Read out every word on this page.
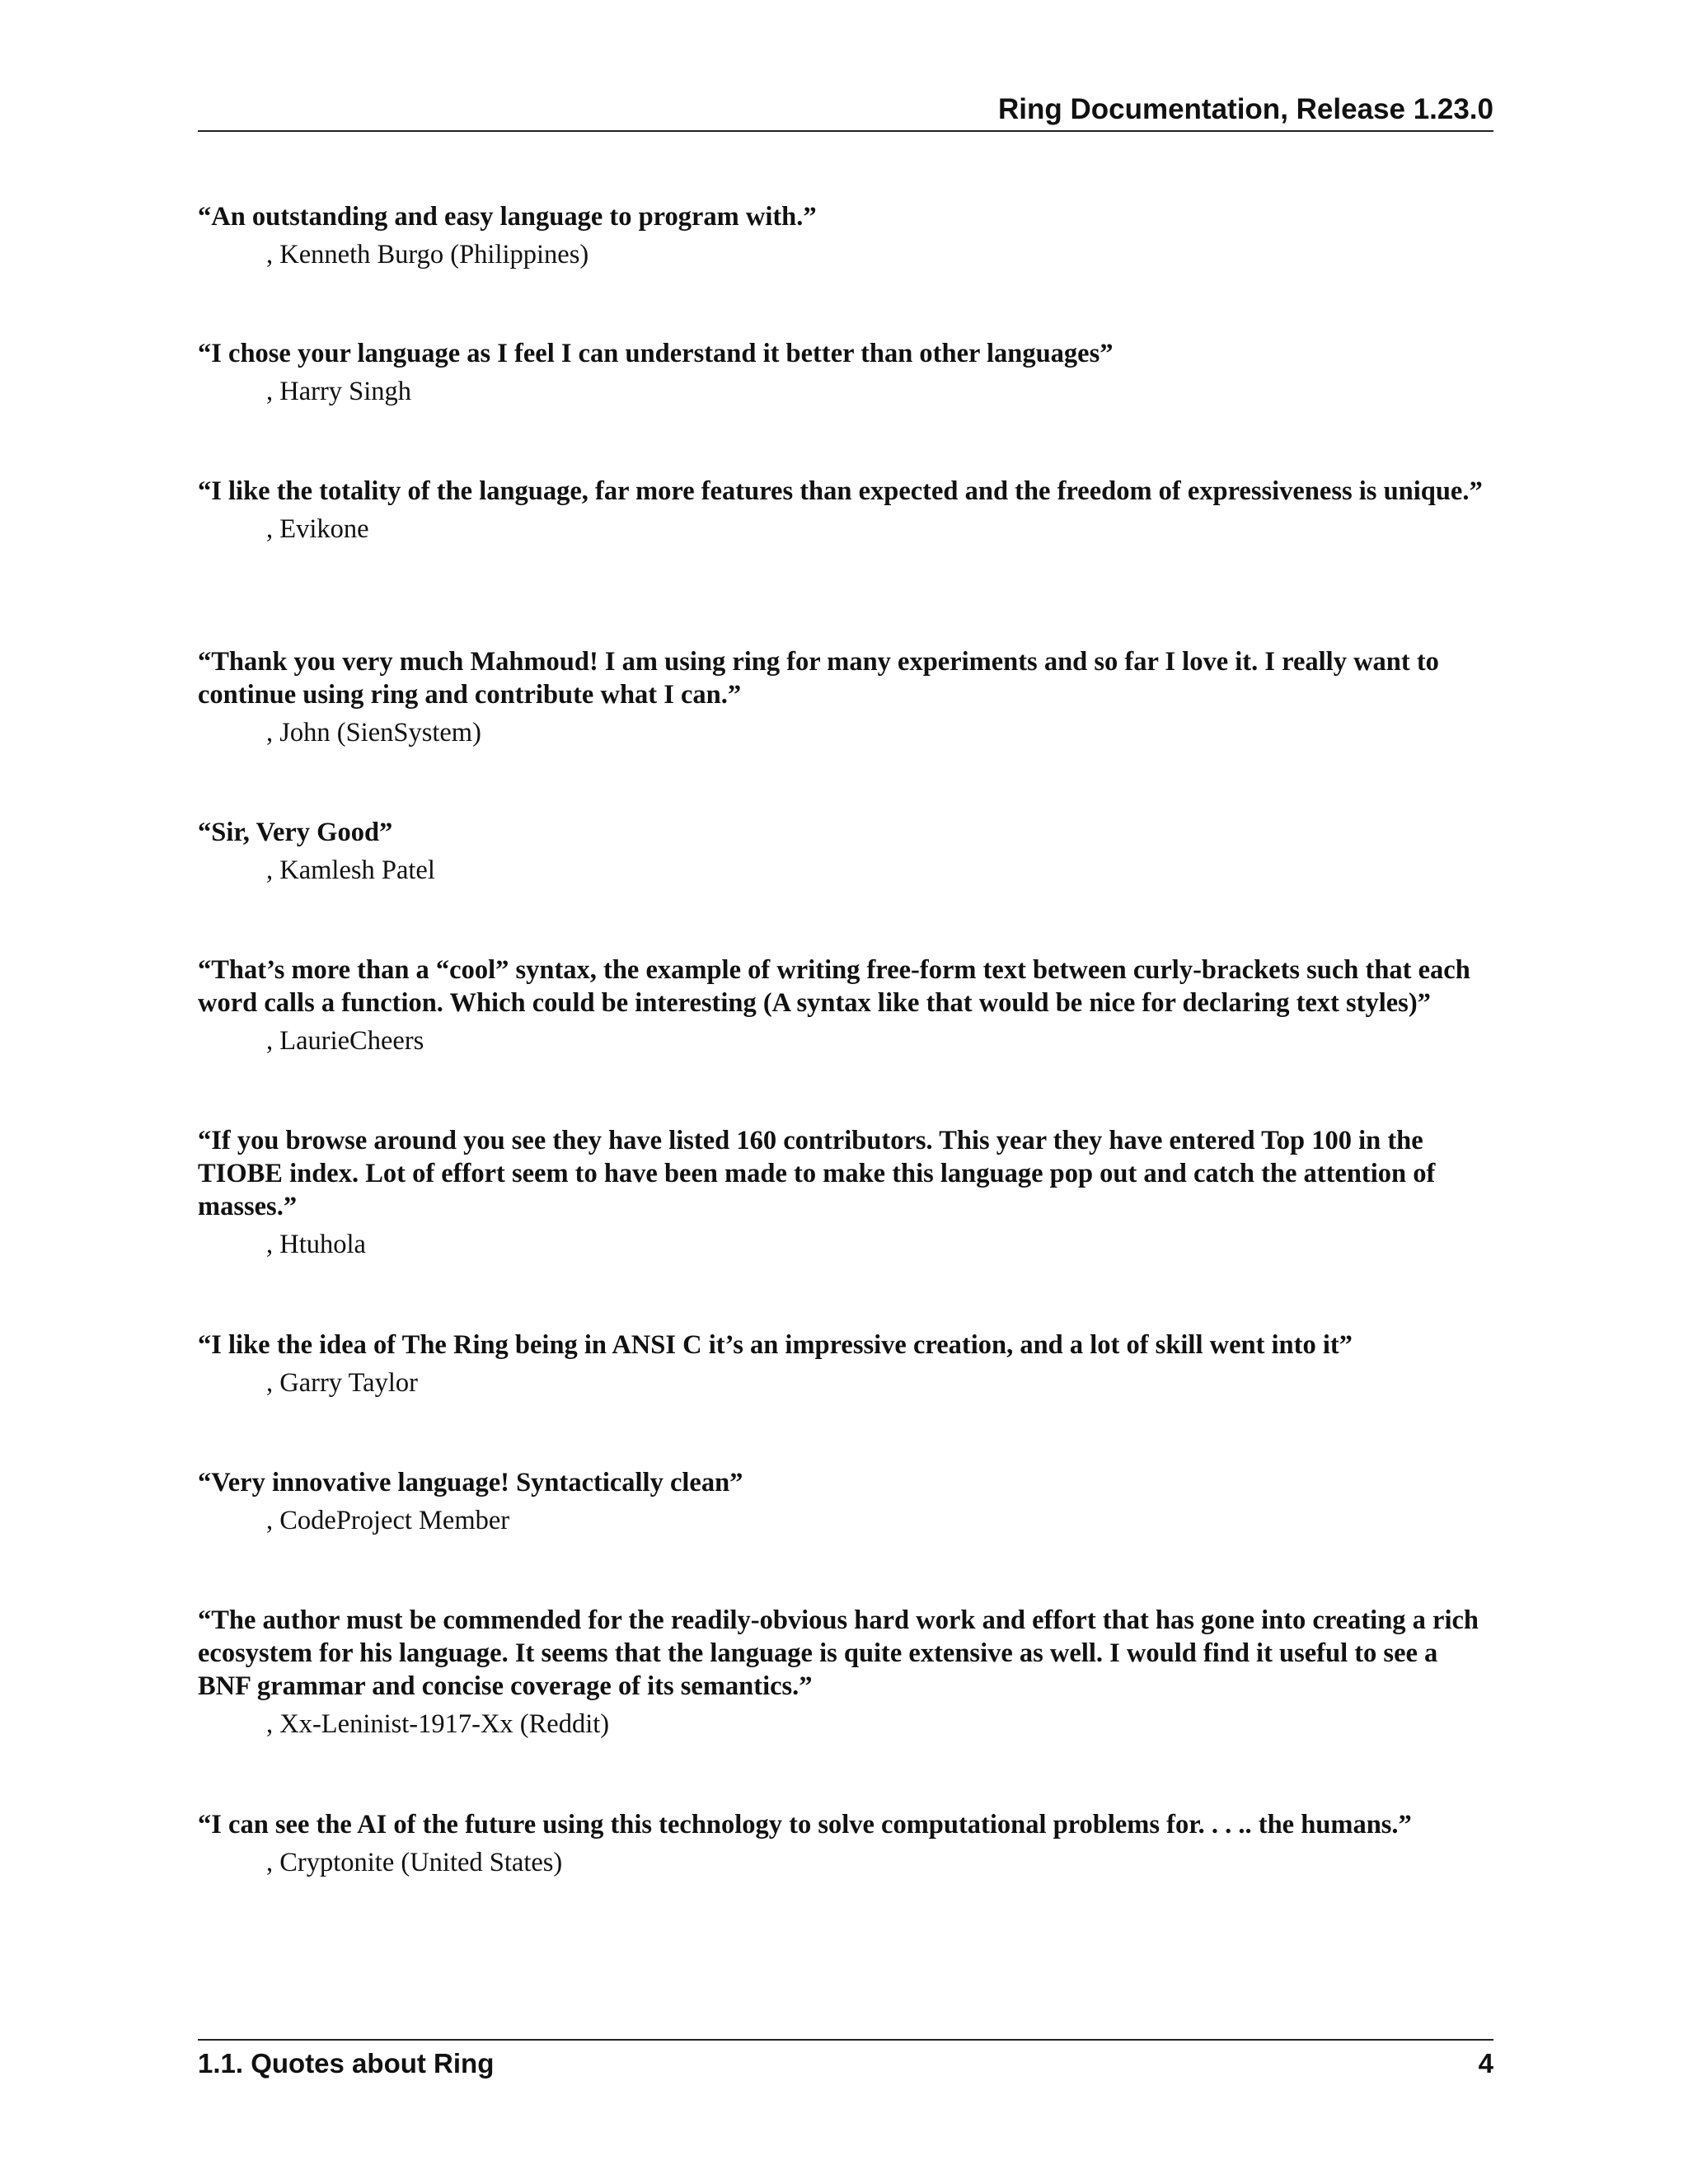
Ring Documentation, Release 1.23.0

“An outstanding and easy language to program with.”

, Kenneth Burgo (Philippines)

“I chose your language as I feel I can understand it better than other languages”

, Harry Singh

“I like the totality of the language, far more features than expected and the freedom of expressiveness is unique.”

, Evikone

“Thank you very much Mahmoud! I am using ring for many experiments and so far I love it. I really want to continue using ring and contribute what I can.”

, John (SienSystem)

“Sir, Very Good”

, Kamlesh Patel

“That’s more than a “cool” syntax, the example of writing free-form text between curly-brackets such that each word calls a function. Which could be interesting (A syntax like that would be nice for declaring text styles)”

, LaurieCheers

“If you browse around you see they have listed 160 contributors. This year they have entered Top 100 in the TIOBE index. Lot of effort seem to have been made to make this language pop out and catch the attention of masses.”

, Htuhola

“I like the idea of The Ring being in ANSI C it’s an impressive creation, and a lot of skill went into it”

, Garry Taylor

“Very innovative language! Syntactically clean”

, CodeProject Member

“The author must be commended for the readily-obvious hard work and effort that has gone into creating a rich ecosystem for his language. It seems that the language is quite extensive as well. I would find it useful to see a BNF grammar and concise coverage of its semantics.”

, Xx-Leninist-1917-Xx (Reddit)

“I can see the AI of the future using this technology to solve computational problems for. . . .. the humans.”

, Cryptonite (United States)

1.1. Quotes about Ring	4
